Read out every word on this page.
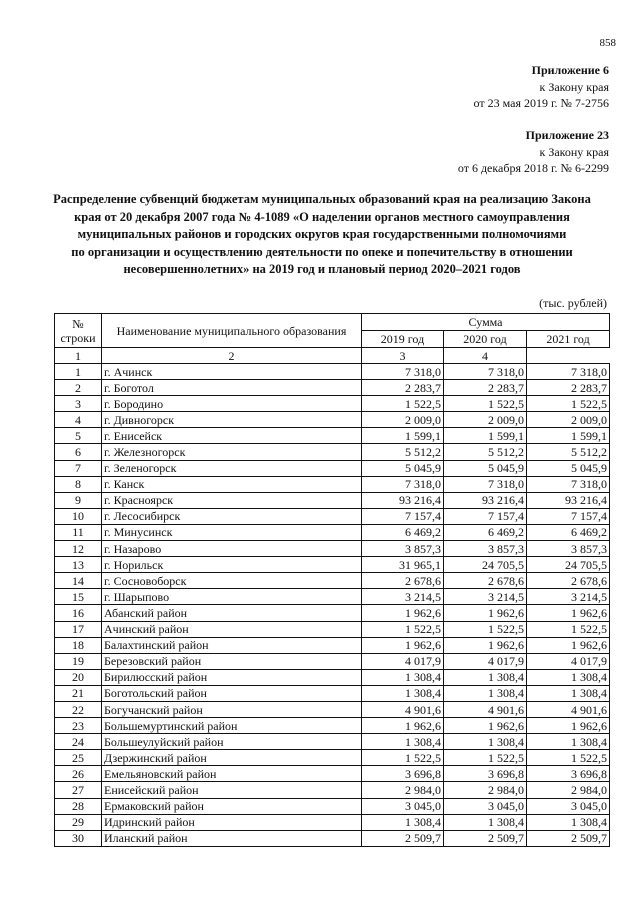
858
Приложение 6
к Закону края
от 23 мая 2019 г. № 7-2756
Приложение 23
к Закону края
от 6 декабря 2018 г. № 6-2299
Распределение субвенций бюджетам муниципальных образований края на реализацию Закона
края от 20 декабря 2007 года № 4-1089 «О наделении органов местного самоуправления
муниципальных районов и городских округов края государственными полномочиями
по организации и осуществлению деятельности по опеке и попечительству в отношении
несовершеннолетних» на 2019 год и плановый период 2020–2021 годов
(тыс. рублей)
№ строки	Наименование муниципального образования	Сумма		
		2019 год	2020 год	2021 год
1	2	3	4	
1	г. Ачинск	7 318,0	7 318,0	7 318,0
2	г. Боготол	2 283,7	2 283,7	2 283,7
3	г. Бородино	1 522,5	1 522,5	1 522,5
4	г. Дивногорск	2 009,0	2 009,0	2 009,0
5	г. Енисейск	1 599,1	1 599,1	1 599,1
6	г. Железногорск	5 512,2	5 512,2	5 512,2
7	г. Зеленогорск	5 045,9	5 045,9	5 045,9
8	г. Канск	7 318,0	7 318,0	7 318,0
9	г. Красноярск	93 216,4	93 216,4	93 216,4
10	г. Лесосибирск	7 157,4	7 157,4	7 157,4
11	г. Минусинск	6 469,2	6 469,2	6 469,2
12	г. Назарово	3 857,3	3 857,3	3 857,3
13	г. Норильск	31 965,1	24 705,5	24 705,5
14	г. Сосновоборск	2 678,6	2 678,6	2 678,6
15	г. Шарыпово	3 214,5	3 214,5	3 214,5
16	Абанский район	1 962,6	1 962,6	1 962,6
17	Ачинский район	1 522,5	1 522,5	1 522,5
18	Балахтинский район	1 962,6	1 962,6	1 962,6
19	Березовский район	4 017,9	4 017,9	4 017,9
20	Бирилюсский район	1 308,4	1 308,4	1 308,4
21	Боготольский район	1 308,4	1 308,4	1 308,4
22	Богучанский район	4 901,6	4 901,6	4 901,6
23	Большемуртинский район	1 962,6	1 962,6	1 962,6
24	Большеулуйский район	1 308,4	1 308,4	1 308,4
25	Дзержинский район	1 522,5	1 522,5	1 522,5
26	Емельяновский район	3 696,8	3 696,8	3 696,8
27	Енисейский район	2 984,0	2 984,0	2 984,0
28	Ермаковский район	3 045,0	3 045,0	3 045,0
29	Идринский район	1 308,4	1 308,4	1 308,4
30	Иланский район	2 509,7	2 509,7	2 509,7
